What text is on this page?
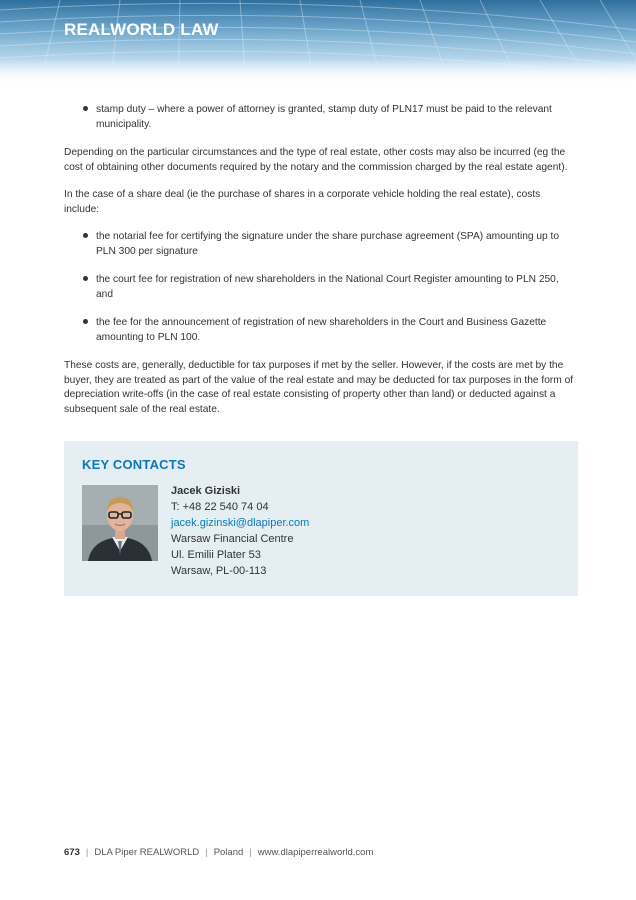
REALWORLD LAW
stamp duty – where a power of attorney is granted, stamp duty of PLN17 must be paid to the relevant municipality.

Depending on the particular circumstances and the type of real estate, other costs may also be incurred (eg the cost of obtaining other documents required by the notary and the commission charged by the real estate agent).

In the case of a share deal (ie the purchase of shares in a corporate vehicle holding the real estate), costs include:

the notarial fee for certifying the signature under the share purchase agreement (SPA) amounting up to PLN 300 per signature
the court fee for registration of new shareholders in the National Court Register amounting to PLN 250, and
the fee for the announcement of registration of new shareholders in the Court and Business Gazette amounting to PLN 100.

These costs are, generally, deductible for tax purposes if met by the seller. However, if the costs are met by the buyer, they are treated as part of the value of the real estate and may be deducted for tax purposes in the form of depreciation write-offs (in the case of real estate consisting of property other than land) or deducted against a subsequent sale of the real estate.

KEY CONTACTS
Jacek Giziski
T: +48 22 540 74 04
jacek.gizinski@dlapiper.com
Warsaw Financial Centre
Ul. Emilii Plater 53
Warsaw, PL-00-113
673 | DLA Piper REALWORLD | Poland | www.dlapiperrealworld.com
